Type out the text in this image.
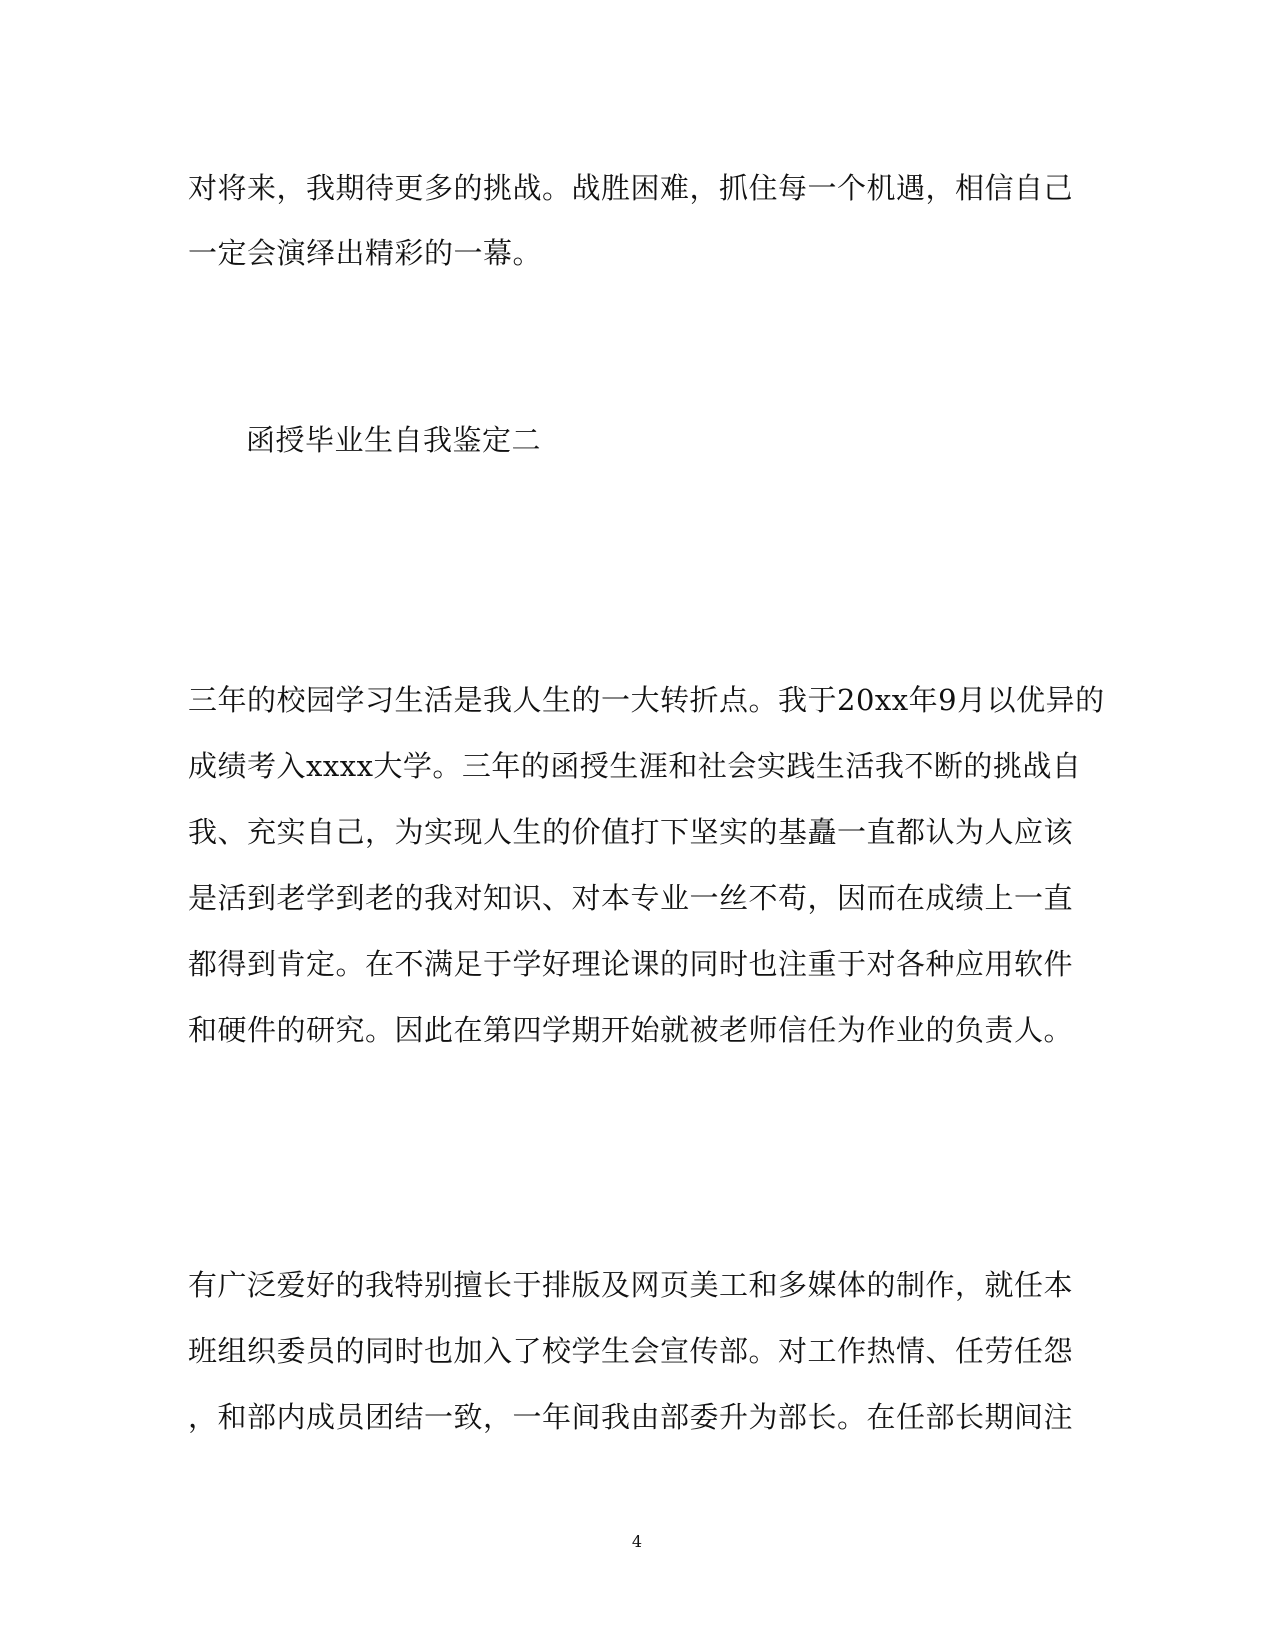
对将来，我期待更多的挑战。战胜困难，抓住每一个机遇，相信自己
一定会演绎出精彩的一幕。
函授毕业生自我鉴定二
三年的校园学习生活是我人生的一大转折点。我于20xx年9月以优异的
成绩考入xxxx大学。三年的函授生涯和社会实践生活我不断的挑战自
我、充实自己，为实现人生的价值打下坚实的基矗一直都认为人应该
是活到老学到老的我对知识、对本专业一丝不苟，因而在成绩上一直
都得到肯定。在不满足于学好理论课的同时也注重于对各种应用软件
和硬件的研究。因此在第四学期开始就被老师信任为作业的负责人。
有广泛爱好的我特别擅长于排版及网页美工和多媒体的制作，就任本
班组织委员的同时也加入了校学生会宣传部。对工作热情、任劳任怨
，和部内成员团结一致，一年间我由部委升为部长。在任部长期间注
4
